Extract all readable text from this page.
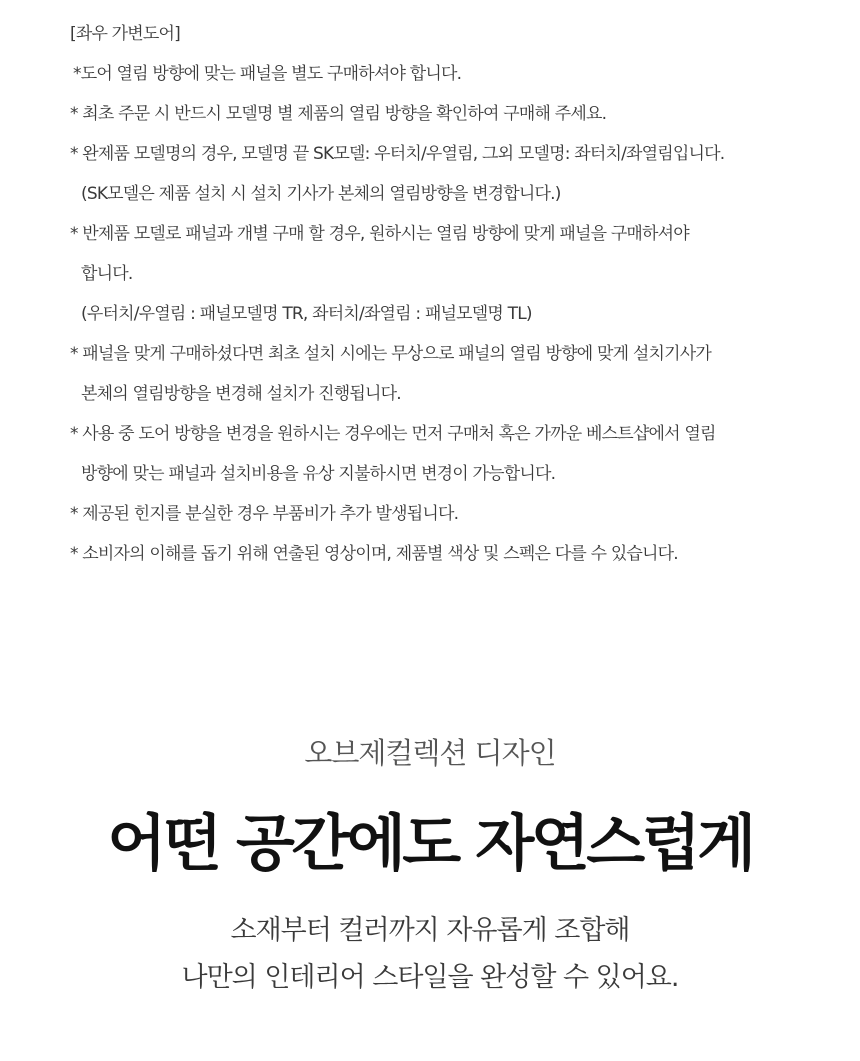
[좌우 가변도어]
*도어 열림 방향에 맞는 패널을 별도 구매하셔야 합니다.
* 최초 주문 시 반드시 모델명 별 제품의 열림 방향을 확인하여 구매해 주세요.
* 완제품 모델명의 경우, 모델명 끝 SK모델: 우터치/우열림, 그외 모델명: 좌터치/좌열림입니다.
(SK모델은 제품 설치 시 설치 기사가 본체의 열림방향을 변경합니다.)
* 반제품 모델로 패널과 개별 구매 할 경우, 원하시는 열림 방향에 맞게 패널을 구매하셔야
합니다.
(우터치/우열림 : 패널모델명 TR, 좌터치/좌열림 : 패널모델명 TL)
* 패널을 맞게 구매하셨다면 최초 설치 시에는 무상으로 패널의 열림 방향에 맞게 설치기사가
본체의 열림방향을 변경해 설치가 진행됩니다.
* 사용 중 도어 방향을 변경을 원하시는 경우에는 먼저 구매처 혹은 가까운 베스트샵에서 열림
방향에 맞는 패널과 설치비용을 유상 지불하시면 변경이 가능합니다.
* 제공된 힌지를 분실한 경우 부품비가 추가 발생됩니다.
* 소비자의 이해를 돕기 위해 연출된 영상이며, 제품별 색상 및 스펙은 다를 수 있습니다.
오브제컬렉션 디자인
어떤 공간에도 자연스럽게
소재부터 컬러까지 자유롭게 조합해
나만의 인테리어 스타일을 완성할 수 있어요.
